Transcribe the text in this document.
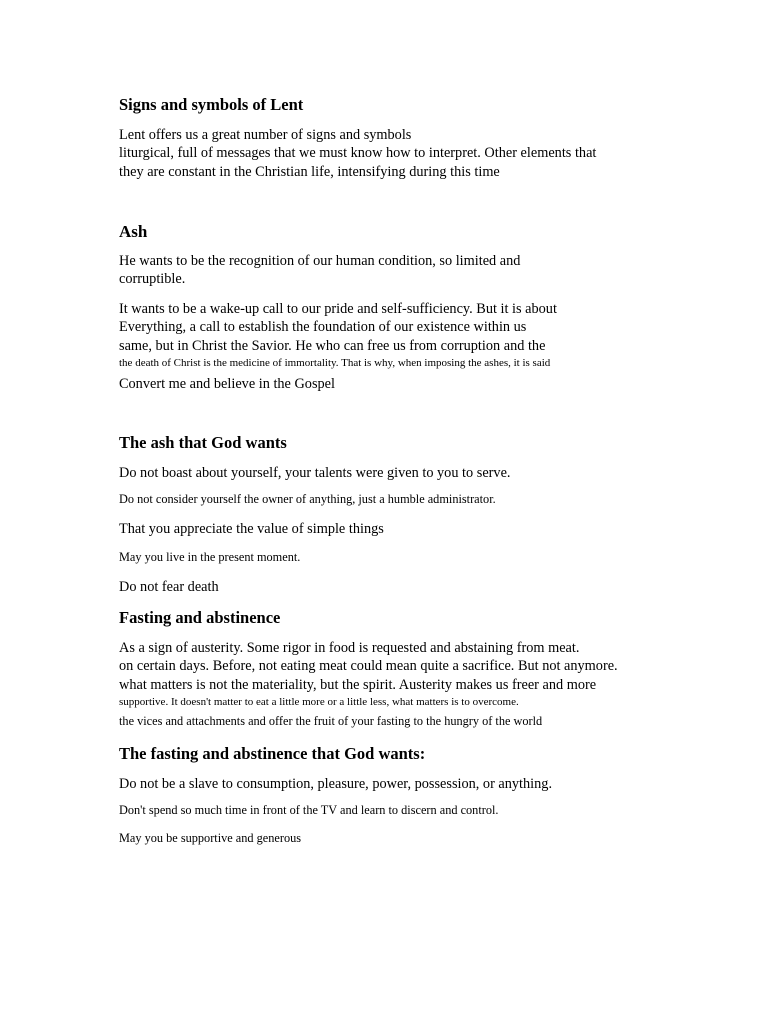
Signs and symbols of Lent

Lent offers us a great number of signs and symbols

liturgical, full of messages that we must know how to interpret. Other elements that

they are constant in the Christian life, intensifying during this time

Ash

He wants to be the recognition of our human condition, so limited and

corruptible.

It wants to be a wake-up call to our pride and self-sufficiency. But it is about

Everything, a call to establish the foundation of our existence within us

same, but in Christ the Savior. He who can free us from corruption and the

the death of Christ is the medicine of immortality. That is why, when imposing the ashes, it is said

Convert me and believe in the Gospel

The ash that God wants

Do not boast about yourself, your talents were given to you to serve.

Do not consider yourself the owner of anything, just a humble administrator.

That you appreciate the value of simple things

May you live in the present moment.

Do not fear death

Fasting and abstinence

As a sign of austerity. Some rigor in food is requested and abstaining from meat.

on certain days. Before, not eating meat could mean quite a sacrifice. But not anymore.

what matters is not the materiality, but the spirit. Austerity makes us freer and more

supportive. It doesn't matter to eat a little more or a little less, what matters is to overcome.

the vices and attachments and offer the fruit of your fasting to the hungry of the world

The fasting and abstinence that God wants:

Do not be a slave to consumption, pleasure, power, possession, or anything.

Don't spend so much time in front of the TV and learn to discern and control.

May you be supportive and generous
